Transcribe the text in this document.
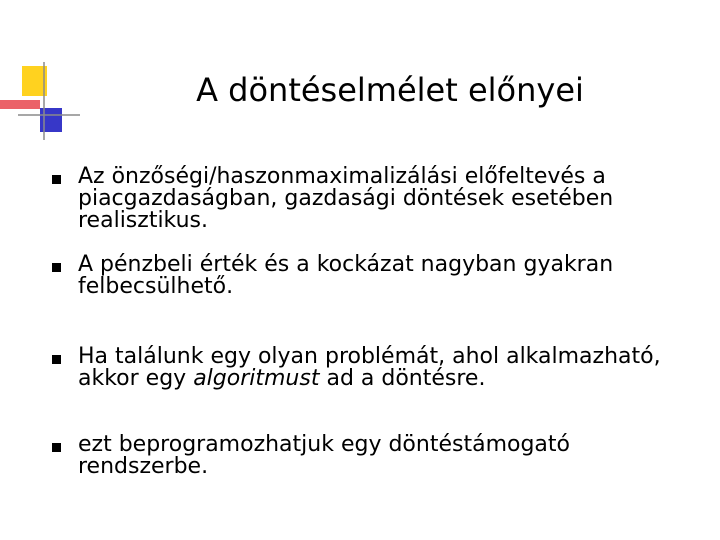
A döntéselmélet előnyei
Az önzőségi/haszonmaximalizálási előfeltevés a piacgazdaságban, gazdasági döntések esetében realisztikus.
A pénzbeli érték és a kockázat nagyban gyakran felbecsülhető.
Ha találunk egy olyan problémát, ahol alkalmazható, akkor egy algoritmust ad a döntésre.
ezt beprogramozhatjuk egy döntéstámogató rendszerbe.
